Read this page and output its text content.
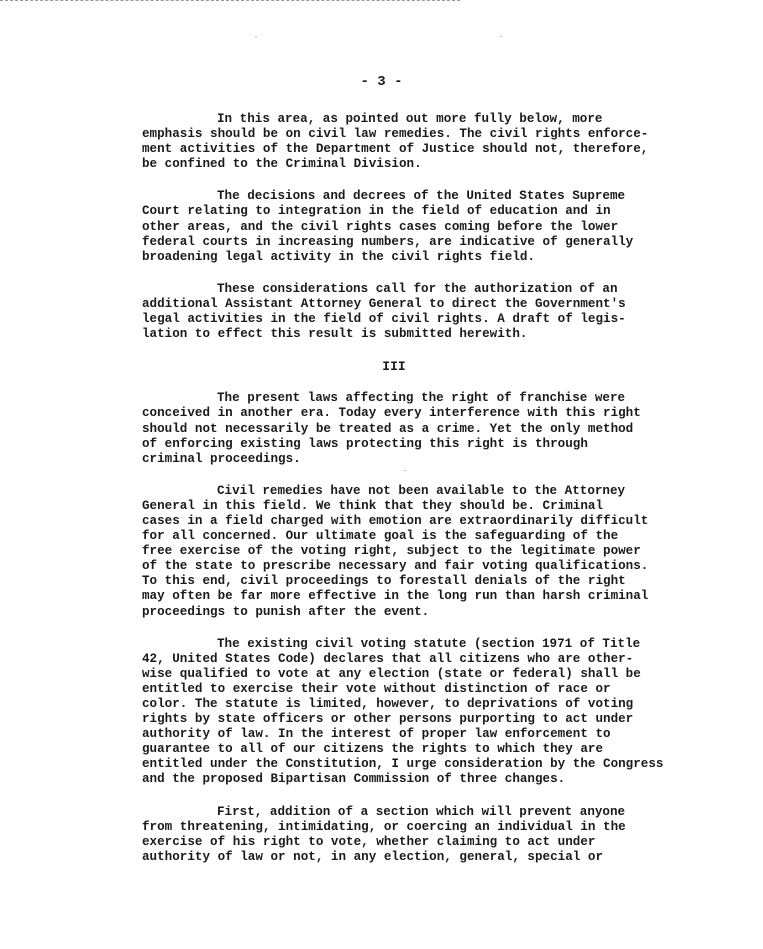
- 3 -
In this area, as pointed out more fully below, more
emphasis should be on civil law remedies. The civil rights enforce-
ment activities of the Department of Justice should not, therefore,
be confined to the Criminal Division.
The decisions and decrees of the United States Supreme
Court relating to integration in the field of education and in
other areas, and the civil rights cases coming before the lower
federal courts in increasing numbers, are indicative of generally
broadening legal activity in the civil rights field.
These considerations call for the authorization of an
additional Assistant Attorney General to direct the Government's
legal activities in the field of civil rights. A draft of legis-
lation to effect this result is submitted herewith.
III
The present laws affecting the right of franchise were
conceived in another era. Today every interference with this right
should not necessarily be treated as a crime. Yet the only method
of enforcing existing laws protecting this right is through
criminal proceedings.
Civil remedies have not been available to the Attorney
General in this field. We think that they should be. Criminal
cases in a field charged with emotion are extraordinarily difficult
for all concerned. Our ultimate goal is the safeguarding of the
free exercise of the voting right, subject to the legitimate power
of the state to prescribe necessary and fair voting qualifications.
To this end, civil proceedings to forestall denials of the right
may often be far more effective in the long run than harsh criminal
proceedings to punish after the event.
The existing civil voting statute (section 1971 of Title
42, United States Code) declares that all citizens who are other-
wise qualified to vote at any election (state or federal) shall be
entitled to exercise their vote without distinction of race or
color. The statute is limited, however, to deprivations of voting
rights by state officers or other persons purporting to act under
authority of law. In the interest of proper law enforcement to
guarantee to all of our citizens the rights to which they are
entitled under the Constitution, I urge consideration by the Congress
and the proposed Bipartisan Commission of three changes.
First, addition of a section which will prevent anyone
from threatening, intimidating, or coercing an individual in the
exercise of his right to vote, whether claiming to act under
authority of law or not, in any election, general, special or
